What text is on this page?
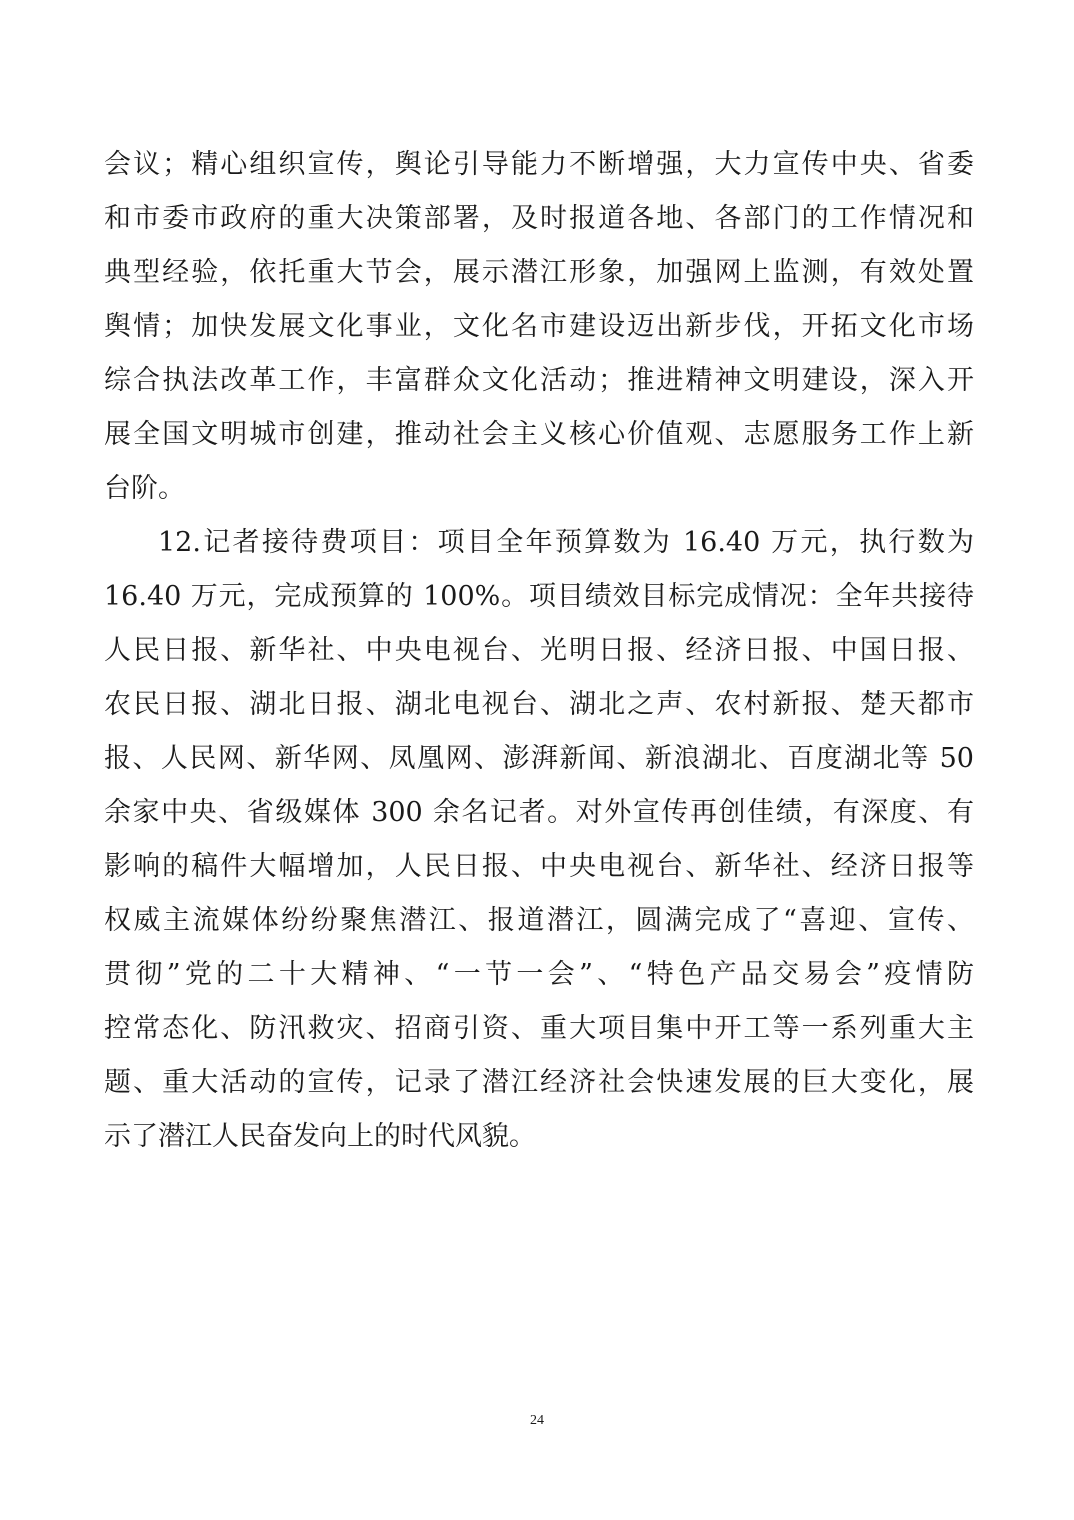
会议；精心组织宣传，舆论引导能力不断增强，大力宣传中央、省委
和市委市政府的重大决策部署，及时报道各地、各部门的工作情况和
典型经验，依托重大节会，展示潜江形象，加强网上监测，有效处置
舆情；加快发展文化事业，文化名市建设迈出新步伐，开拓文化市场
综合执法改革工作，丰富群众文化活动；推进精神文明建设，深入开
展全国文明城市创建，推动社会主义核心价值观、志愿服务工作上新
台阶。
12.记者接待费项目：项目全年预算数为 16.40 万元，执行数为
16.40 万元，完成预算的 100%。项目绩效目标完成情况：全年共接待
人民日报、新华社、中央电视台、光明日报、经济日报、中国日报、
农民日报、湖北日报、湖北电视台、湖北之声、农村新报、楚天都市
报、人民网、新华网、凤凰网、澎湃新闻、新浪湖北、百度湖北等 50
余家中央、省级媒体 300 余名记者。对外宣传再创佳绩，有深度、有
影响的稿件大幅增加，人民日报、中央电视台、新华社、经济日报等
权威主流媒体纷纷聚焦潜江、报道潜江，圆满完成了“喜迎、宣传、
贯彻”党的二十大精神、“一节一会”、“特色产品交易会”疫情防
控常态化、防汛救灾、招商引资、重大项目集中开工等一系列重大主
题、重大活动的宣传，记录了潜江经济社会快速发展的巨大变化，展
示了潜江人民奋发向上的时代风貌。
24
